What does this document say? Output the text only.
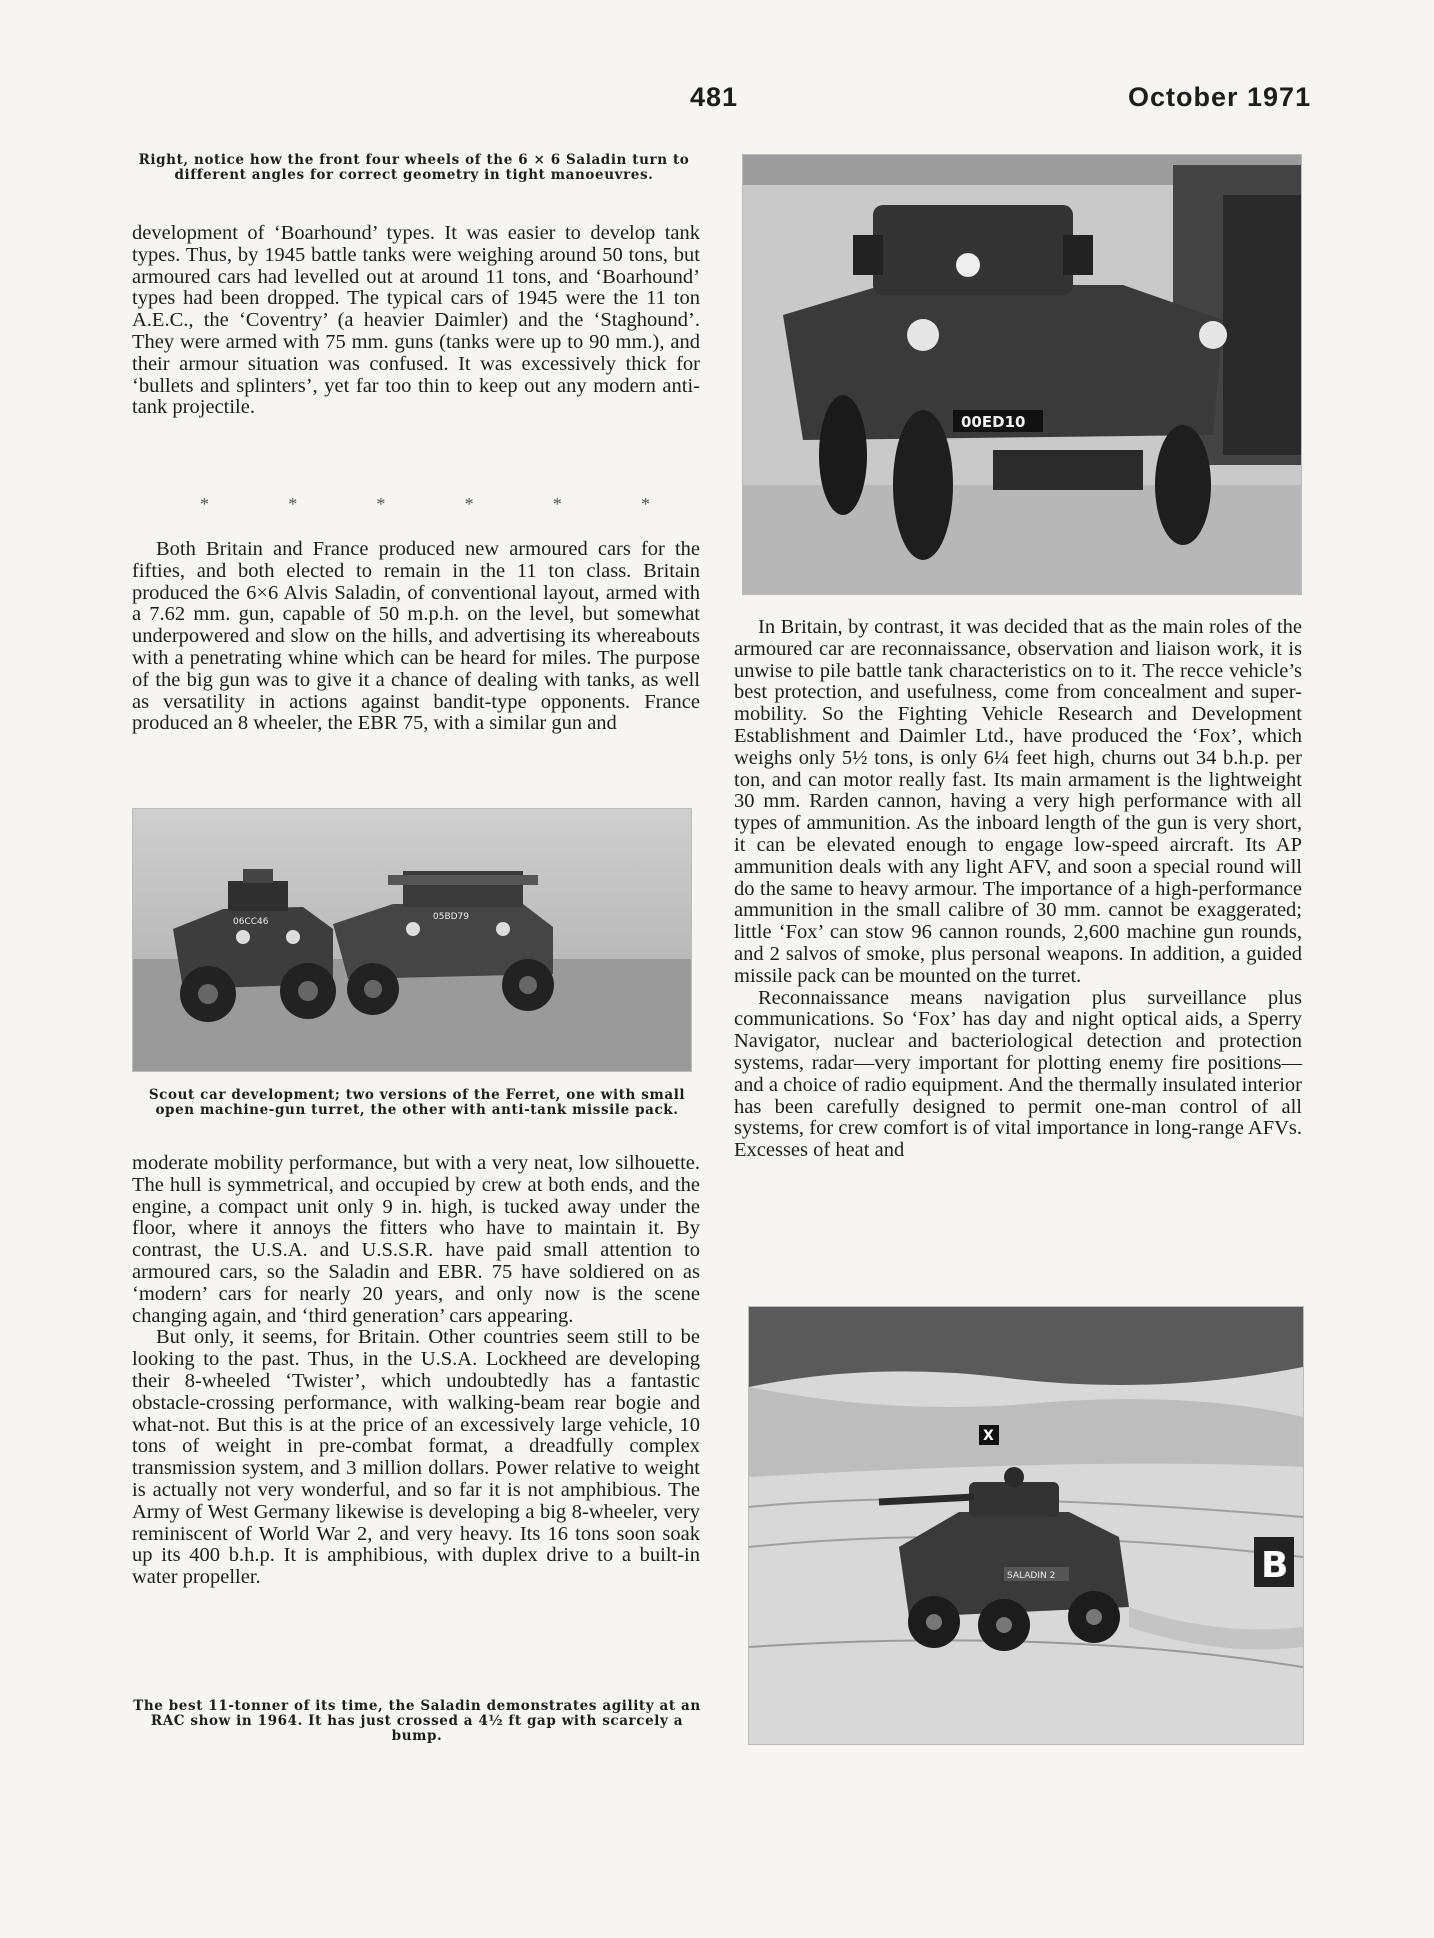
481	October 1971
Right, notice how the front four wheels of the 6 × 6 Saladin turn to different angles for correct geometry in tight manoeuvres.

development of ‘Boarhound’ types. It was easier to develop tank types. Thus, by 1945 battle tanks were weighing around 50 tons, but armoured cars had levelled out at around 11 tons, and ‘Boarhound’ types had been dropped. The typical cars of 1945 were the 11 ton A.E.C., the ‘Coventry’ (a heavier Daimler) and the ‘Staghound’. They were armed with 75 mm. guns (tanks were up to 90 mm.), and their armour situation was confused. It was excessively thick for ‘bullets and splinters’, yet far too thin to keep out any modern anti-tank projectile.

*	*	*	*	*	*

Both Britain and France produced new armoured cars for the fifties, and both elected to remain in the 11 ton class. Britain produced the 6×6 Alvis Saladin, of conventional layout, armed with a 7.62 mm. gun, capable of 50 m.p.h. on the level, but somewhat underpowered and slow on the hills, and advertising its whereabouts with a penetrating whine which can be heard for miles. The purpose of the big gun was to give it a chance of dealing with tanks, as well as versatility in actions against bandit-type opponents. France produced an 8 wheeler, the EBR 75, with a similar gun and

06CC46	05BD79
Scout car development; two versions of the Ferret, one with small open machine-gun turret, the other with anti-tank missile pack.

moderate mobility performance, but with a very neat, low silhouette. The hull is symmetrical, and occupied by crew at both ends, and the engine, a compact unit only 9 in. high, is tucked away under the floor, where it annoys the fitters who have to maintain it. By contrast, the U.S.A. and U.S.S.R. have paid small attention to armoured cars, so the Saladin and EBR. 75 have soldiered on as ‘modern’ cars for nearly 20 years, and only now is the scene changing again, and ‘third generation’ cars appearing.

But only, it seems, for Britain. Other countries seem still to be looking to the past. Thus, in the U.S.A. Lockheed are developing their 8-wheeled ‘Twister’, which undoubtedly has a fantastic obstacle-crossing performance, with walking-beam rear bogie and what-not. But this is at the price of an excessively large vehicle, 10 tons of weight in pre-combat format, a dreadfully complex transmission system, and 3 million dollars. Power relative to weight is actually not very wonderful, and so far it is not amphibious. The Army of West Germany likewise is developing a big 8-wheeler, very reminiscent of World War 2, and very heavy. Its 16 tons soon soak up its 400 b.h.p. It is amphibious, with duplex drive to a built-in water propeller.

The best 11-tonner of its time, the Saladin demonstrates agility at an RAC show in 1964. It has just crossed a 4½ ft gap with scarcely a bump.
00ED10

In Britain, by contrast, it was decided that as the main roles of the armoured car are reconnaissance, observation and liaison work, it is unwise to pile battle tank characteristics on to it. The recce vehicle’s best protection, and usefulness, come from concealment and super-mobility. So the Fighting Vehicle Research and Development Establishment and Daimler Ltd., have produced the ‘Fox’, which weighs only 5½ tons, is only 6¼ feet high, churns out 34 b.h.p. per ton, and can motor really fast. Its main armament is the lightweight 30 mm. Rarden cannon, having a very high performance with all types of ammunition. As the inboard length of the gun is very short, it can be elevated enough to engage low-speed aircraft. Its AP ammunition deals with any light AFV, and soon a special round will do the same to heavy armour. The importance of a high-performance ammunition in the small calibre of 30 mm. cannot be exaggerated; little ‘Fox’ can stow 96 cannon rounds, 2,600 machine gun rounds, and 2 salvos of smoke, plus personal weapons. In addition, a guided missile pack can be mounted on the turret.

Reconnaissance means navigation plus surveillance plus communications. So ‘Fox’ has day and night optical aids, a Sperry Navigator, nuclear and bacteriological detection and protection systems, radar—very important for plotting enemy fire positions—and a choice of radio equipment. And the thermally insulated interior has been carefully designed to permit one-man control of all systems, for crew comfort is of vital importance in long-range AFVs. Excesses of heat and

X
B
SALADIN 2
